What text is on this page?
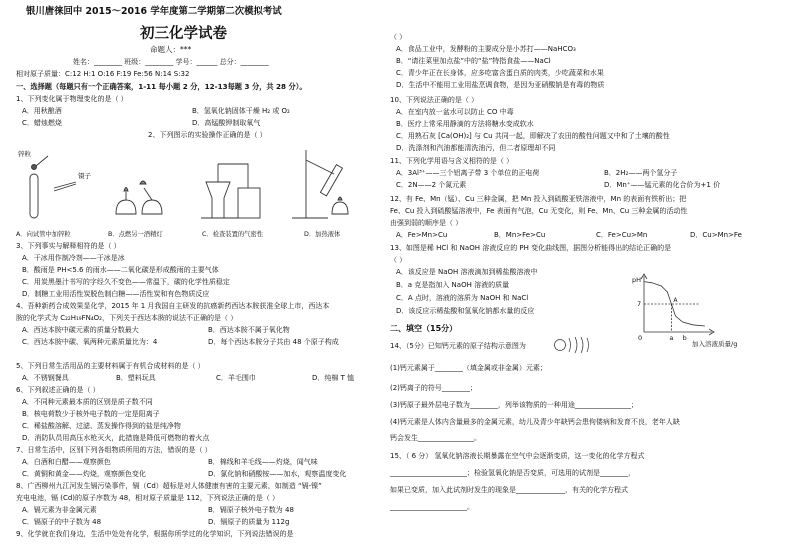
银川唐徕回中 2015～2016 学年度第二学期第二次模拟考试
初三化学试卷
命题人：***
姓名：________ 班级：________ 学号：______ 总分：________
相对原子质量：C:12 H:1 O:16 F:19 Fe:56 N:14 S:32
一、选择题（每题只有一个正确答案，1-11 每小题 2 分，12-13每题 3 分，共 28 分）。
1、下列变化属于物理变化的是（ ）
A．用秋酿酒	B．氢氧化钠固体干燥 H₂ 或 O₂
C．蜡烛燃烧	D．高锰酸钾制取氧气
2、下列图示的实验操作正确的是（ ）
锌粒
镊子
A．向试管中加锌粒	B．点燃另一酒精灯	C．检查装置的气密性	D．加热液体
3、下列事实与解释相符的是（ ）
A．干冰用作制冷剂——干冰是冰
B．酸雨是 PH<5.6 的雨水——二氧化碳是形成酸雨的主要气体
C．用炭黑墨汁书写的字经久不变色——常温下，碳的化学性质稳定
D．制糖工业用活性炭脱色制白糖——活性炭和有色物质反应
4、吾种新药合成效果显化学，2015 年 1 月我国自主研发的抗癌新药西达本胺获准全球上市，西达本
胺的化学式为 C₂₂H₁₉FN₄O₂，下列关于西达本胺的说法不正确的是（ ）
A．西达本胺中碳元素的质量分数最大	B．西达本胺不属于氧化物
C．西达本胺中碳、氧两种元素质量比为：4	D．每个西达本胺分子共由 48 个原子构成
5、下列日常生活用品的主要材料属于有机合成材料的是（ ）
A．不锈钢餐具	B．塑料玩具	C．羊毛围巾	D．纯棉 T 恤
6、下列叙述正确的是（ ）
A．不同种元素最本质的区别是质子数不同
B．核电荷数少于核外电子数的一定是阳离子
C．稀盐酸溶解、过滤、蒸发操作得到的盐是纯净物
D．消防队员用高压水枪灭火，此措施是降低可燃物的着火点
7、日常生活中，区别下列各组物质所用的方法，错误的是（ ）
A．白酒和白醋——观察颜色	B．棉线和羊毛线——灼烧，闻气味
C．黄铜和黄金——灼烧，观察颜色变化	D．氯化钠和硝酸铵——加水，观察温度变化
8、广西柳州九江河发生镉污染事件，镉（Cd）超标是对人体健康有害的主要元素，如制造 “镉-镍”
充电电池，镉 (Cd)的原子序数为 48，相对原子质量是 112，下列说法正确的是（ ）
A．镉元素为非金属元素	B．镉原子核外电子数为 48
C．镉原子的中子数为 48	D．镉原子的质量为 112g
9、化学就在我们身边，生活中处处有化学，根据你所学过的化学知识，下列说法错误的是
（ ）
A．食品工业中，发酵粉的主要成分是小苏打——NaHCO₃
B．“请往菜里加点盐”中的“盐”特指食盐——NaCl
C．青少年正在长身体，应多吃富含蛋白质的肉类，少吃蔬菜和水果
D．生活中不能用工业用盐烹调食物，是因为亚硝酸钠是有毒的物质
10、下列说法正确的是（ ）
A．在室内放一盆水可以防止 CO 中毒
B．医疗上常采用静滴的方法将糖水变成软水
C．用熟石灰 [Ca(OH)₂] 与 Cu 共同一起，即解决了农田的酸性问题又中和了土壤的酸性
D．洗涤剂和汽油都能清洗油污，但二者原理却不同
11、下列化学用语与含义相符的是（ ）
A．3Al³⁺——三个铝离子带 3 个单位的正电荷	B．2H₂——两个氢分子
C．2N——2 个氮元素	D．Mn⁺——锰元素的化合价为+1 价
12、有 Fe、Mn（锰）、Cu 三种金属，把 Mn 投入到硫酸亚铁溶液中，Mn 的表面有铁析出；把
Fe、Cu 投入到硫酸锰溶液中，Fe 表面有气泡，Cu 无变化，则 Fe、Mn、Cu 三种金属的活动性
由强到弱的顺序是（ ）
A．Fe>Mn>Cu	B．Mn>Fe>Cu	C．Fe>Cu>Mn	D．Cu>Mn>Fe
13、如图是稀 HCl 和 NaOH 溶液反应的 PH 变化曲线图，据图分析能得出的结论正确的是
（ ）
A．该反应是 NaOH 溶液滴加到稀盐酸溶液中
B．a 克是指加入 NaOH 溶液的质量
C．A 点时，溶液的溶质为 NaOH 和 NaCl
D．该反应示稀盐酸和氢氧化钠都水量的反应
pH
7
0	a b
A
加入溶液质量/g
二、填空（15分）
14、（5分）已知钙元素的原子结构示意图为
(1)钙元素属于________（填金属或非金属）元素；
(2)钙离子的符号________；
(3)钙原子最外层电子数为________，列举该物质的一种用途________________；
(4)钙元素是人体内含量最多的金属元素，幼儿及青少年缺钙会患佝偻病和发育不良，老年人缺
钙会发生________________。
15、（ 6 分） 氢氧化钠溶液长期暴露在空气中会逐渐变质，这一变化的化学方程式
______________________；检验氢氧化钠是否变质，可选用的试剂是________，
如果已变质，加入此试剂时发生的现象是______________，有关的化学方程式
______________________。
